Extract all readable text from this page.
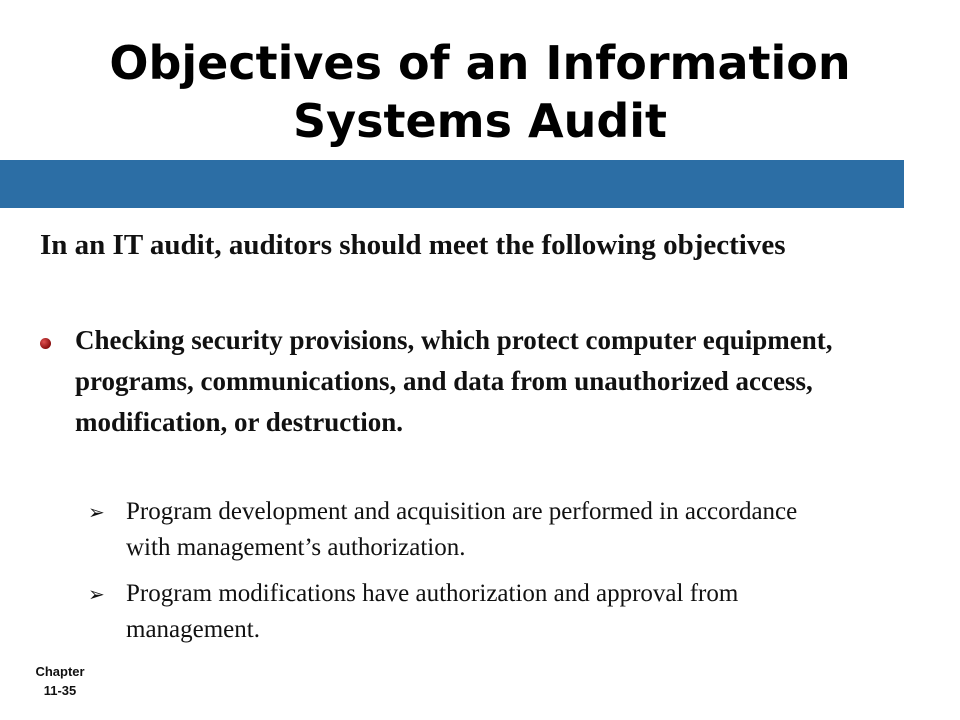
Objectives of an Information
Systems Audit
In an IT audit, auditors should meet the following objectives
Checking security provisions, which protect computer equipment, programs, communications, and data from unauthorized access, modification, or destruction.
➢ Program development and acquisition are performed in accordance with management’s authorization.
➢ Program modifications have authorization and approval from management.
Chapter
11-35
